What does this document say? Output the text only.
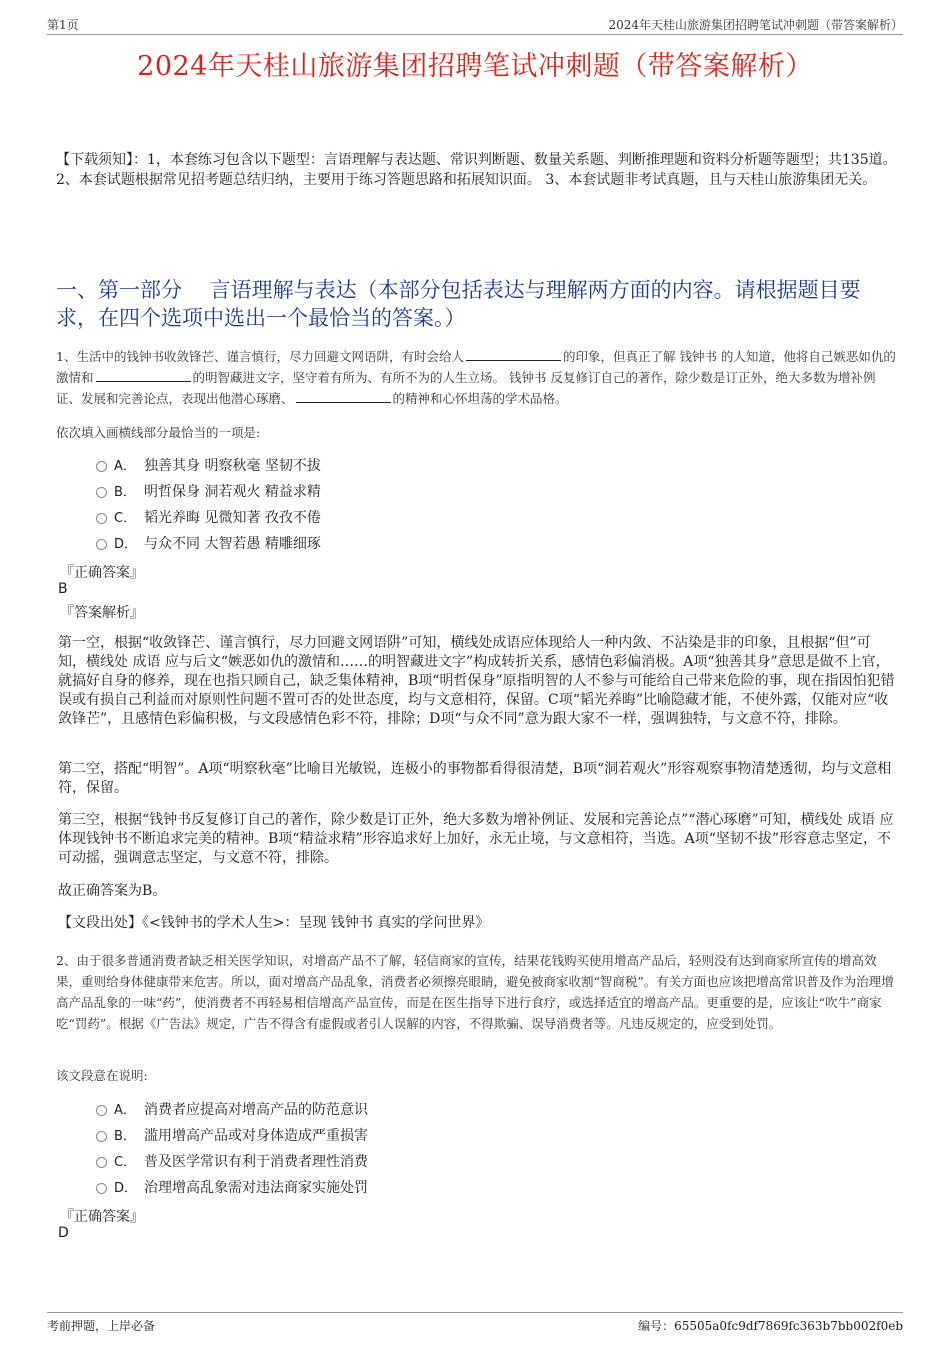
第1页	2024年天桂山旅游集团招聘笔试冲刺题（带答案解析）
2024年天桂山旅游集团招聘笔试冲刺题（带答案解析）
【下载须知】：1，本套练习包含以下题型：言语理解与表达题、常识判断题、数量关系题、判断推理题和资料分析题等题型；共135道。 2、本套试题根据常见招考题总结归纳，主要用于练习答题思路和拓展知识面。 3、本套试题非考试真题，且与天桂山旅游集团无关。
一、第一部分　 言语理解与表达（本部分包括表达与理解两方面的内容。请根据题目要求，在四个选项中选出一个最恰当的答案。）
1、生活中的钱钟书收敛锋芒、谨言慎行，尽力回避文网语阱，有时会给人	的印象，但真正了解 钱钟书 的人知道，他将自己嫉恶如仇的激情和	的明智藏进文字，坚守着有所为、有所不为的人生立场。 钱钟书 反复修订自己的著作，除少数是订正外，绝大多数为增补例证、发展和完善论点，表现出他潜心琢磨、	的精神和心怀坦荡的学术品格。
依次填入画横线部分最恰当的一项是:
A． 独善其身 明察秋毫 坚韧不拔
B． 明哲保身 洞若观火 精益求精
C． 韬光养晦 见微知著 孜孜不倦
D． 与众不同 大智若愚 精雕细琢
『正确答案』
B
『答案解析』
第一空，根据“收敛锋芒、谨言慎行，尽力回避文网语阱”可知，横线处成语应体现给人一种内敛、不沾染是非的印象，且根据“但”可知，横线处 成语 应与后文“嫉恶如仇的激情和……的明智藏进文字”构成转折关系，感情色彩偏消极。A项“独善其身”意思是做不上官，就搞好自身的修养，现在也指只顾自己，缺乏集体精神，B项“明哲保身”原指明智的人不参与可能给自己带来危险的事，现在指因怕犯错误或有损自己利益而对原则性问题不置可否的处世态度，均与文意相符，保留。C项“韬光养晦”比喻隐藏才能，不使外露，仅能对应“收敛锋芒”，且感情色彩偏积极，与文段感情色彩不符，排除；D项“与众不同”意为跟大家不一样，强调独特，与文意不符，排除。
第二空，搭配“明智”。A项“明察秋毫”比喻目光敏锐，连极小的事物都看得很清楚，B项“洞若观火”形容观察事物清楚透彻，均与文意相符，保留。
第三空，根据“钱钟书反复修订自己的著作，除少数是订正外，绝大多数为增补例证、发展和完善论点”“潜心琢磨”可知，横线处 成语 应体现钱钟书不断追求完美的精神。B项“精益求精”形容追求好上加好，永无止境，与文意相符，当选。A项“坚韧不拔”形容意志坚定，不可动摇，强调意志坚定，与文意不符，排除。
故正确答案为B。
【文段出处】《<钱钟书的学术人生>：呈现 钱钟书 真实的学问世界》
2、由于很多普通消费者缺乏相关医学知识，对增高产品不了解，轻信商家的宣传，结果花钱购买使用增高产品后，轻则没有达到商家所宣传的增高效果，重则给身体健康带来危害。所以，面对增高产品乱象，消费者必须擦亮眼睛，避免被商家收割“智商税”。有关方面也应该把增高常识普及作为治理增高产品乱象的一味“药”，使消费者不再轻易相信增高产品宣传，而是在医生指导下进行食疗，或选择适宜的增高产品。更重要的是，应该让“吹牛”商家吃“罚药”。根据《广告法》规定，广告不得含有虚假或者引人误解的内容，不得欺骗、误导消费者等。凡违反规定的，应受到处罚。
该文段意在说明:
A． 消费者应提高对增高产品的防范意识
B． 滥用增高产品或对身体造成严重损害
C． 普及医学常识有利于消费者理性消费
D． 治理增高乱象需对违法商家实施处罚
『正确答案』
D
考前押题，上岸必备	编号：65505a0fc9df7869fc363b7bb002f0eb
